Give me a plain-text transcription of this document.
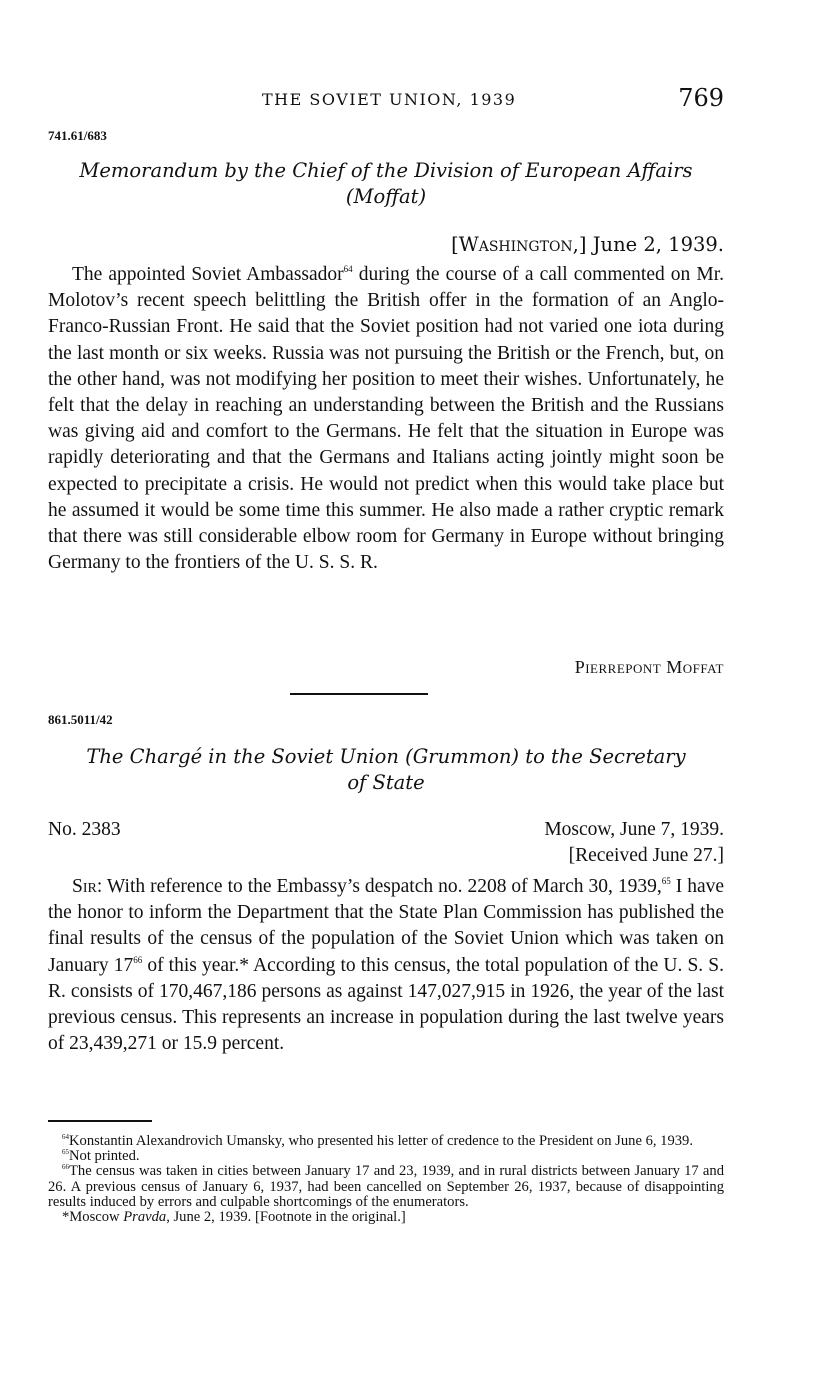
THE SOVIET UNION, 1939	769
741.61/683
Memorandum by the Chief of the Division of European Affairs
(Moffat)
[Washington,] June 2, 1939.
The appointed Soviet Ambassador$^{64}$ during the course of a call commented on Mr. Molotov’s recent speech belittling the British offer in the formation of an Anglo-Franco-Russian Front. He said that the Soviet position had not varied one iota during the last month or six weeks. Russia was not pursuing the British or the French, but, on the other hand, was not modifying her position to meet their wishes. Unfortunately, he felt that the delay in reaching an understanding between the British and the Russians was giving aid and comfort to the Germans. He felt that the situation in Europe was rapidly deteriorating and that the Germans and Italians acting jointly might soon be expected to precipitate a crisis. He would not predict when this would take place but he assumed it would be some time this summer. He also made a rather cryptic remark that there was still considerable elbow room for Germany in Europe without bringing Germany to the frontiers of the U. S. S. R.
Pierrepont Moffat
861.5011/42
The Chargé in the Soviet Union (Grummon) to the Secretary
of State
No. 2383	Moscow, June 7, 1939.
[Received June 27.]
Sir: With reference to the Embassy’s despatch no. 2208 of March 30, 1939,65 I have the honor to inform the Department that the State Plan Commission has published the final results of the census of the population of the Soviet Union which was taken on January $17^{66}$ of this year.* According to this census, the total population of the U. S. S. R. consists of 170,467,186 persons as against 147,027,915 in 1926, the year of the last previous census. This represents an increase in population during the last twelve years of 23,439,271 or 15.9 percent.

$^{64}$Konstantin Alexandrovich Umansky, who presented his letter of credence to the President on June 6, 1939.

$^{65}$Not printed.

$^{66}$The census was taken in cities between January 17 and 23, 1939, and in rural districts between January 17 and 26. A previous census of January 6, 1937, had been cancelled on September 26, 1937, because of disappointing results induced by errors and culpable shortcomings of the enumerators.

*Moscow Pravda, June 2, 1939. [Footnote in the original.]
